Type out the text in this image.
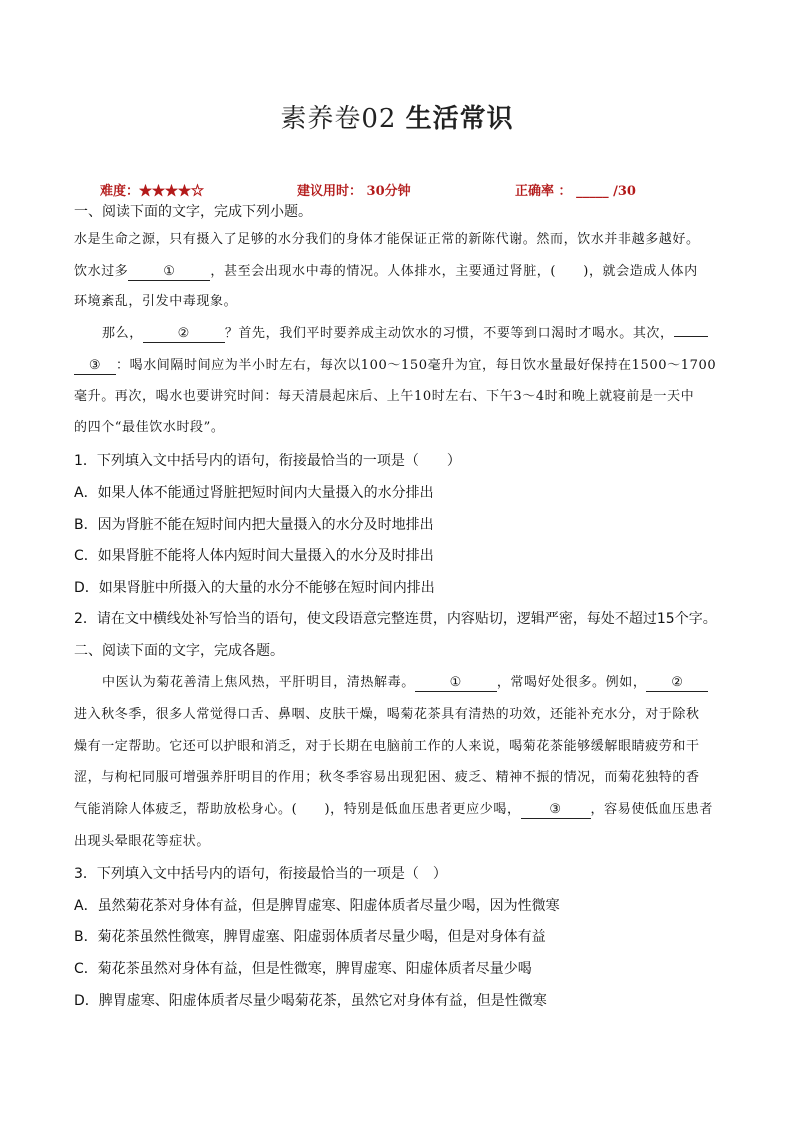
素养卷02 生活常识
难度：★★★★☆	建议用时： 30分钟	正确率 ： _____ /30
一、阅读下面的文字，完成下列小题。
水是生命之源，只有摄入了足够的水分我们的身体才能保证正常的新陈代谢。然而，饮水并非越多越好。
饮水过多	①	，甚至会出现水中毒的情况。人体排水，主要通过肾脏，(　　)，就会造成人体内
环境紊乱，引发中毒现象。
那么，	②	？首先，我们平时要养成主动饮水的习惯，不要等到口渴时才喝水。其次，
③ ：喝水间隔时间应为半小时左右，每次以100～150毫升为宜，每日饮水量最好保持在1500～1700
毫升。再次，喝水也要讲究时间：每天清晨起床后、上午10时左右、下午3～4时和晚上就寝前是一天中
的四个“最佳饮水时段”。
1．下列填入文中括号内的语句，衔接最恰当的一项是（　　）
A．如果人体不能通过肾脏把短时间内大量摄入的水分排出
B．因为肾脏不能在短时间内把大量摄入的水分及时地排出
C．如果肾脏不能将人体内短时间大量摄入的水分及时排出
D．如果肾脏中所摄入的大量的水分不能够在短时间内排出
2．请在文中横线处补写恰当的语句，使文段语意完整连贯，内容贴切，逻辑严密，每处不超过15个字。
二、阅读下面的文字，完成各题。
中医认为菊花善清上焦风热，平肝明目，清热解毒。	①	，常喝好处很多。例如， ②
进入秋冬季，很多人常觉得口舌、鼻咽、皮肤干燥，喝菊花茶具有清热的功效，还能补充水分，对于除秋
燥有一定帮助。它还可以护眼和消乏，对于长期在电脑前工作的人来说，喝菊花茶能够缓解眼睛疲劳和干
涩，与枸杞同服可增强养肝明目的作用；秋冬季容易出现犯困、疲乏、精神不振的情况，而菊花独特的香
气能消除人体疲乏，帮助放松身心。(　　)，特别是低血压患者更应少喝， ③ ，容易使低血压患者
出现头晕眼花等症状。
3．下列填入文中括号内的语句，衔接最恰当的一项是（　）
A．虽然菊花茶对身体有益，但是脾胃虚寒、阳虚体质者尽量少喝，因为性微寒
B．菊花茶虽然性微寒，脾胃虚塞、阳虚弱体质者尽量少喝，但是对身体有益
C．菊花茶虽然对身体有益，但是性微寒，脾胃虚寒、阳虚体质者尽量少喝
D．脾胃虚寒、阳虚体质者尽量少喝菊花茶，虽然它对身体有益，但是性微寒
